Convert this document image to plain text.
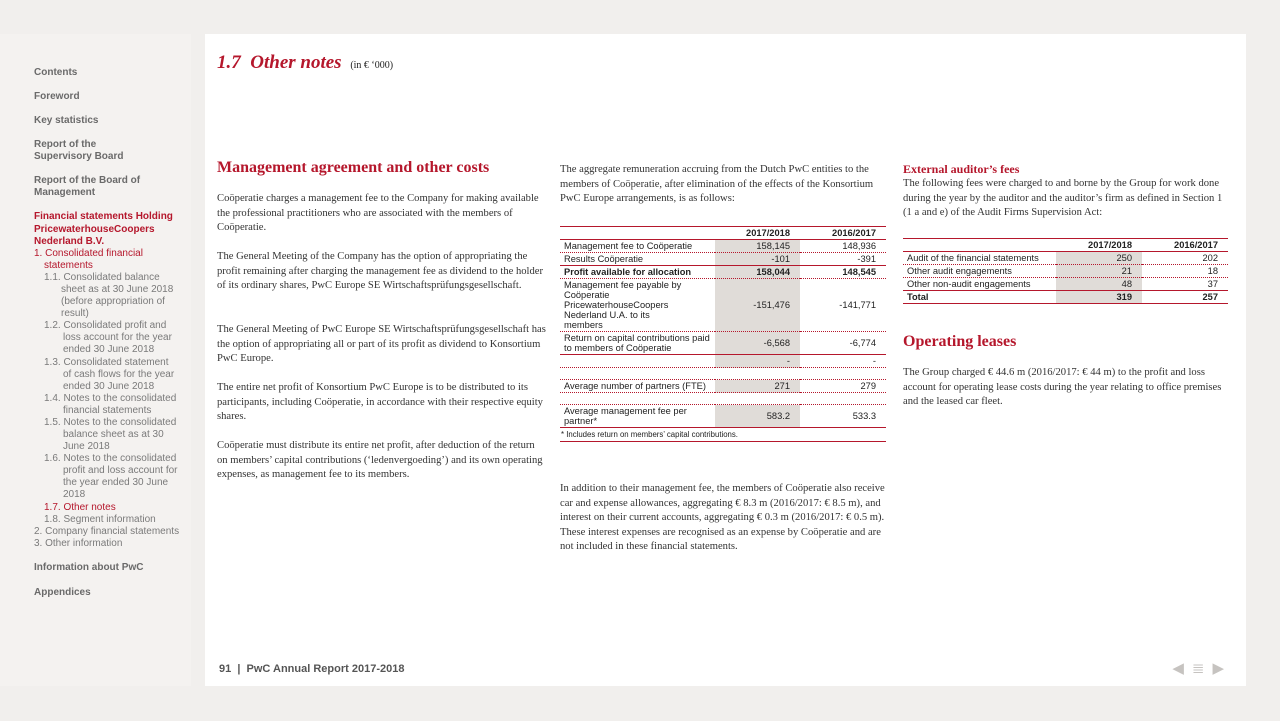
Contents
Foreword
Key statistics
Report of the Supervisory Board
Report of the Board of Management
Financial statements Holding PricewaterhouseCoopers Nederland B.V.
1. Consolidated financial statements
1.1. Consolidated balance sheet as at 30 June 2018 (before appropriation of result)
1.2. Consolidated profit and loss account for the year ended 30 June 2018
1.3. Consolidated statement of cash flows for the year ended 30 June 2018
1.4. Notes to the consolidated financial statements
1.5. Notes to the consolidated balance sheet as at 30 June 2018
1.6. Notes to the consolidated profit and loss account for the year ended 30 June 2018
1.7. Other notes
1.8. Segment information
2. Company financial statements
3. Other information
Information about PwC
Appendices
1.7 Other notes (in € ‘000)
Management agreement and other costs
Coöperatie charges a management fee to the Company for making available the professional practitioners who are associated with the members of Coöperatie.
The General Meeting of the Company has the option of appropriating the profit remaining after charging the management fee as dividend to the holder of its ordinary shares, PwC Europe SE Wirtschaftsprüfungsgesellschaft.
The General Meeting of PwC Europe SE Wirtschaftsprüfungsgesellschaft has the option of appropriating all or part of its profit as dividend to Konsortium PwC Europe.
The entire net profit of Konsortium PwC Europe is to be distributed to its participants, including Coöperatie, in accordance with their respective equity shares.
Coöperatie must distribute its entire net profit, after deduction of the return on members’ capital contributions (‘ledenvergoeding’) and its own operating expenses, as management fee to its members.
The aggregate remuneration accruing from the Dutch PwC entities to the members of Coöperatie, after elimination of the effects of the Konsortium PwC Europe arrangements, is as follows:
	2017/2018	2016/2017
Management fee to Coöperatie	158,145	148,936
Results Coöperatie	-101	-391
Profit available for allocation	158,044	148,545
Management fee payable by Coöperatie PricewaterhouseCoopers Nederland U.A. to its members	-151,476	-141,771
Return on capital contributions paid to members of Coöperatie	-6,568	-6,774
	-	-

Average number of partners (FTE)	271	279

Average management fee per partner*	583.2	533.3
* Includes return on members’ capital contributions.		
In addition to their management fee, the members of Coöperatie also receive car and expense allowances, aggregating € 8.3 m (2016/2017: € 8.5 m), and interest on their current accounts, aggregating € 0.3 m (2016/2017: € 0.5 m). These interest expenses are recognised as an expense by Coöperatie and are not included in these financial statements.
External auditor’s fees
The following fees were charged to and borne by the Group for work done during the year by the auditor and the auditor’s firm as defined in Section 1 (1 a and e) of the Audit Firms Supervision Act:
	2017/2018	2016/2017
Audit of the financial statements	250	202
Other audit engagements	21	18
Other non-audit engagements	48	37
Total	319	257
Operating leases
The Group charged € 44.6 m (2016/2017: € 44 m) to the profit and loss account for operating lease costs during the year relating to office premises and the leased car fleet.
91  |  PwC Annual Report 2017-2018	◀≣▶
